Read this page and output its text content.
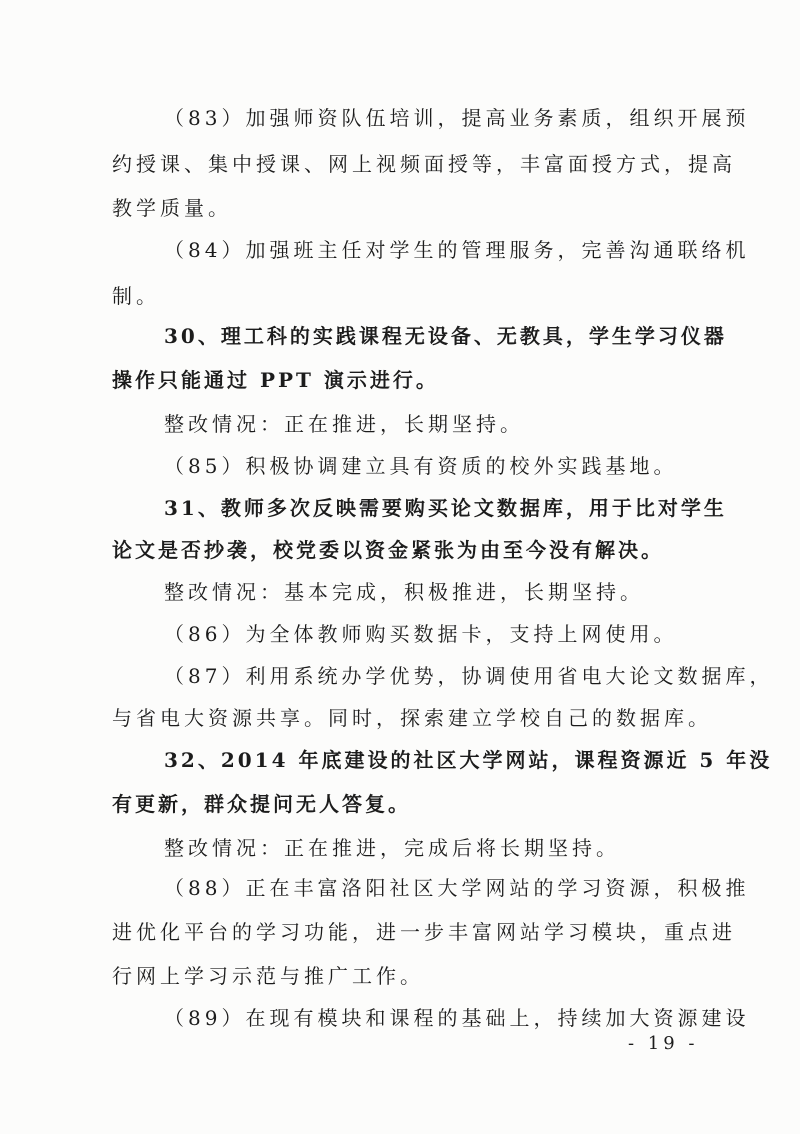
（83）加强师资队伍培训，提高业务素质，组织开展预
约授课、集中授课、网上视频面授等，丰富面授方式，提高
教学质量。
（84）加强班主任对学生的管理服务，完善沟通联络机
制。
30、理工科的实践课程无设备、无教具，学生学习仪器
操作只能通过 PPT 演示进行。
整改情况：正在推进，长期坚持。
（85）积极协调建立具有资质的校外实践基地。
31、教师多次反映需要购买论文数据库，用于比对学生
论文是否抄袭，校党委以资金紧张为由至今没有解决。
整改情况：基本完成，积极推进，长期坚持。
（86）为全体教师购买数据卡，支持上网使用。
（87）利用系统办学优势，协调使用省电大论文数据库，
与省电大资源共享。同时，探索建立学校自己的数据库。
32、2014 年底建设的社区大学网站，课程资源近 5 年没
有更新，群众提问无人答复。
整改情况：正在推进，完成后将长期坚持。
（88）正在丰富洛阳社区大学网站的学习资源，积极推
进优化平台的学习功能，进一步丰富网站学习模块，重点进
行网上学习示范与推广工作。
（89）在现有模块和课程的基础上，持续加大资源建设
- 19 -
